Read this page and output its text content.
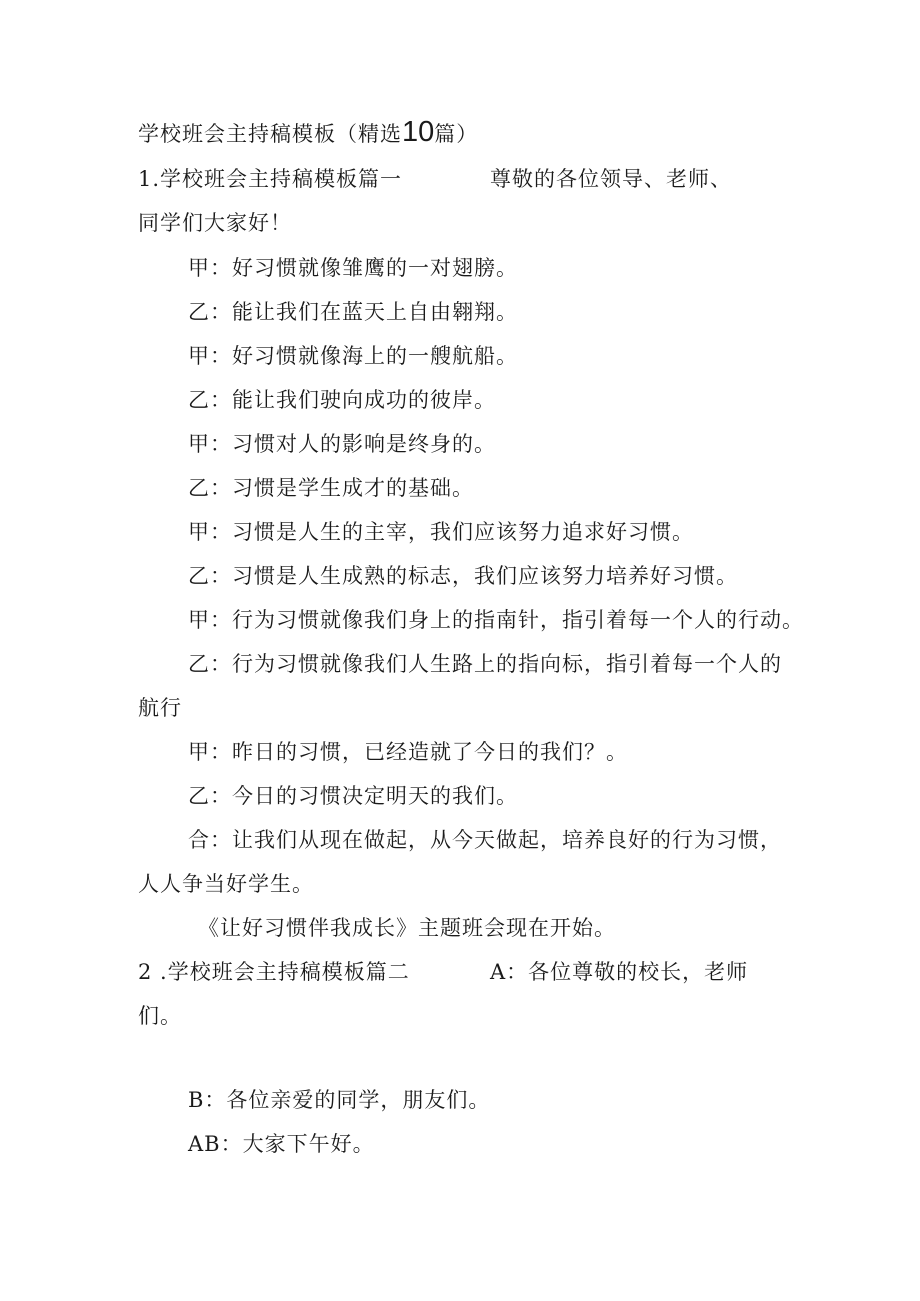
学校班会主持稿模板（精选10篇）
1.学校班会主持稿模板篇一	尊敬的各位领导、老师、
同学们大家好！
甲：好习惯就像雏鹰的一对翅膀。
乙：能让我们在蓝天上自由翱翔。
甲：好习惯就像海上的一艘航船。
乙：能让我们驶向成功的彼岸。
甲：习惯对人的影响是终身的。
乙：习惯是学生成才的基础。
甲：习惯是人生的主宰，我们应该努力追求好习惯。
乙：习惯是人生成熟的标志，我们应该努力培养好习惯。
甲：行为习惯就像我们身上的指南针，指引着每一个人的行动。
乙：行为习惯就像我们人生路上的指向标，指引着每一个人的
航行
甲：昨日的习惯，已经造就了今日的我们？。
乙：今日的习惯决定明天的我们。
合：让我们从现在做起，从今天做起，培养良好的行为习惯，
人人争当好学生。
《让好习惯伴我成长》主题班会现在开始。
2 .学校班会主持稿模板篇二	A：各位尊敬的校长，老师
们。
B：各位亲爱的同学，朋友们。
AB：大家下午好。
